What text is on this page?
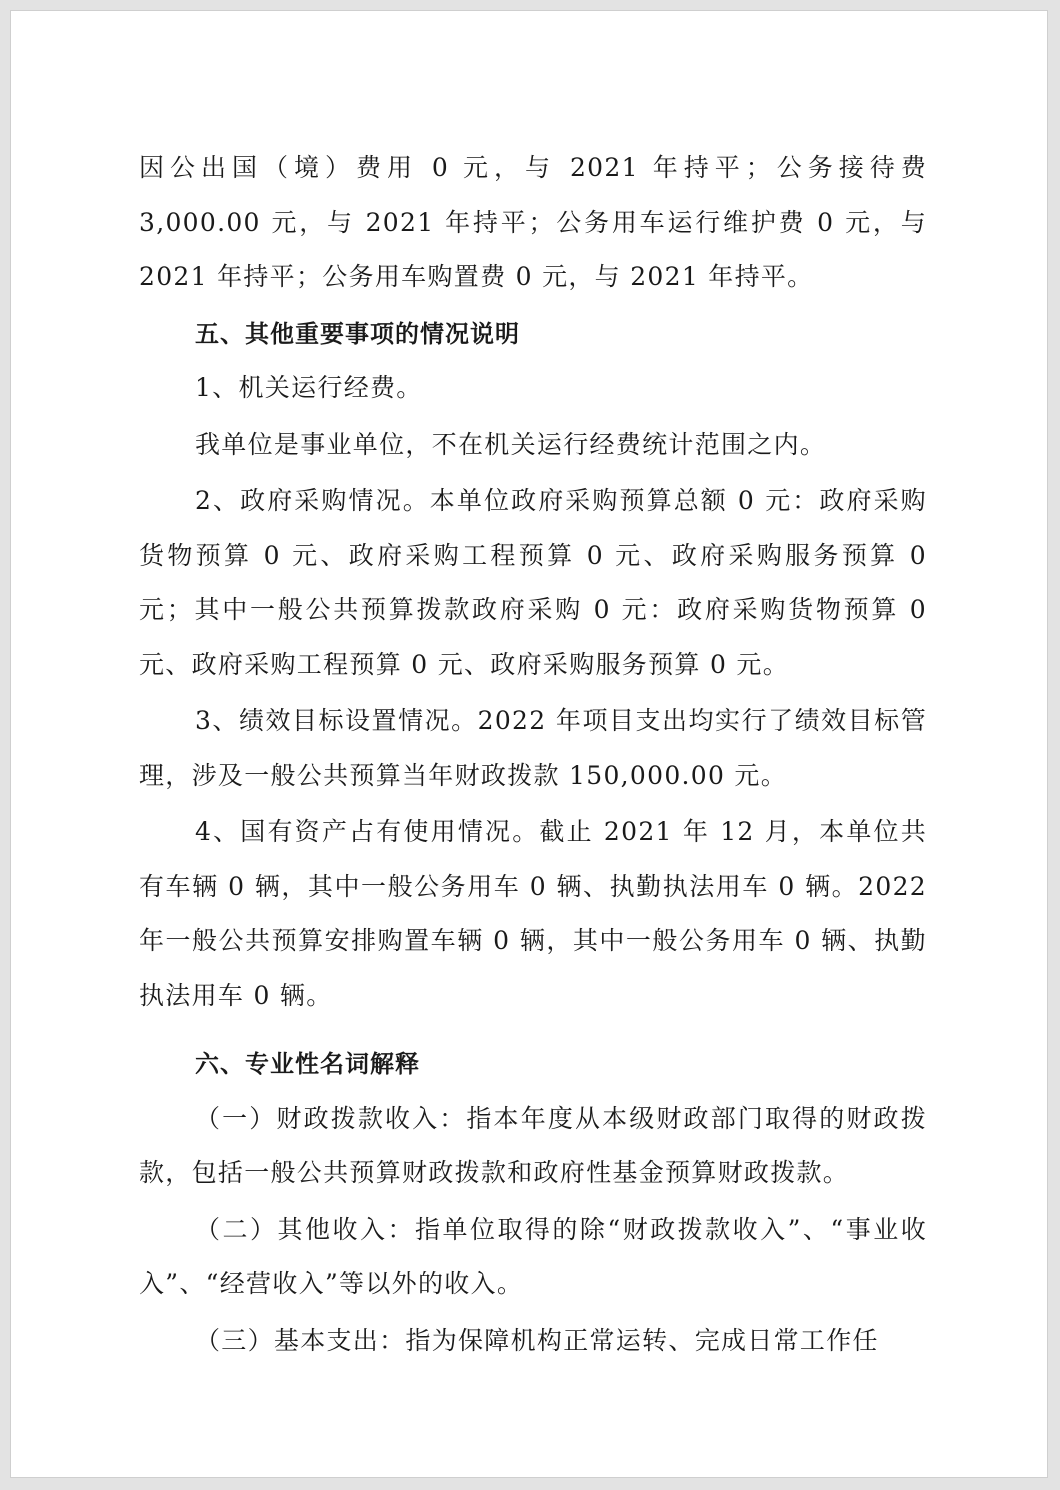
因公出国（境）费用 0 元，与 2021 年持平；公务接待费 3,000.00 元，与 2021 年持平；公务用车运行维护费 0 元，与 2021 年持平；公务用车购置费 0 元，与 2021 年持平。

五、其他重要事项的情况说明

1、机关运行经费。

我单位是事业单位，不在机关运行经费统计范围之内。

2、政府采购情况。本单位政府采购预算总额 0 元：政府采购货物预算 0 元、政府采购工程预算 0 元、政府采购服务预算 0 元；其中一般公共预算拨款政府采购 0 元：政府采购货物预算 0 元、政府采购工程预算 0 元、政府采购服务预算 0 元。

3、绩效目标设置情况。2022 年项目支出均实行了绩效目标管理，涉及一般公共预算当年财政拨款 150,000.00 元。

4、国有资产占有使用情况。截止 2021 年 12 月，本单位共有车辆 0 辆，其中一般公务用车 0 辆、执勤执法用车 0 辆。2022 年一般公共预算安排购置车辆 0 辆，其中一般公务用车 0 辆、执勤执法用车 0 辆。

六、专业性名词解释

（一）财政拨款收入：指本年度从本级财政部门取得的财政拨款，包括一般公共预算财政拨款和政府性基金预算财政拨款。

（二）其他收入：指单位取得的除“财政拨款收入”、“事业收入”、“经营收入”等以外的收入。

（三）基本支出：指为保障机构正常运转、完成日常工作任
